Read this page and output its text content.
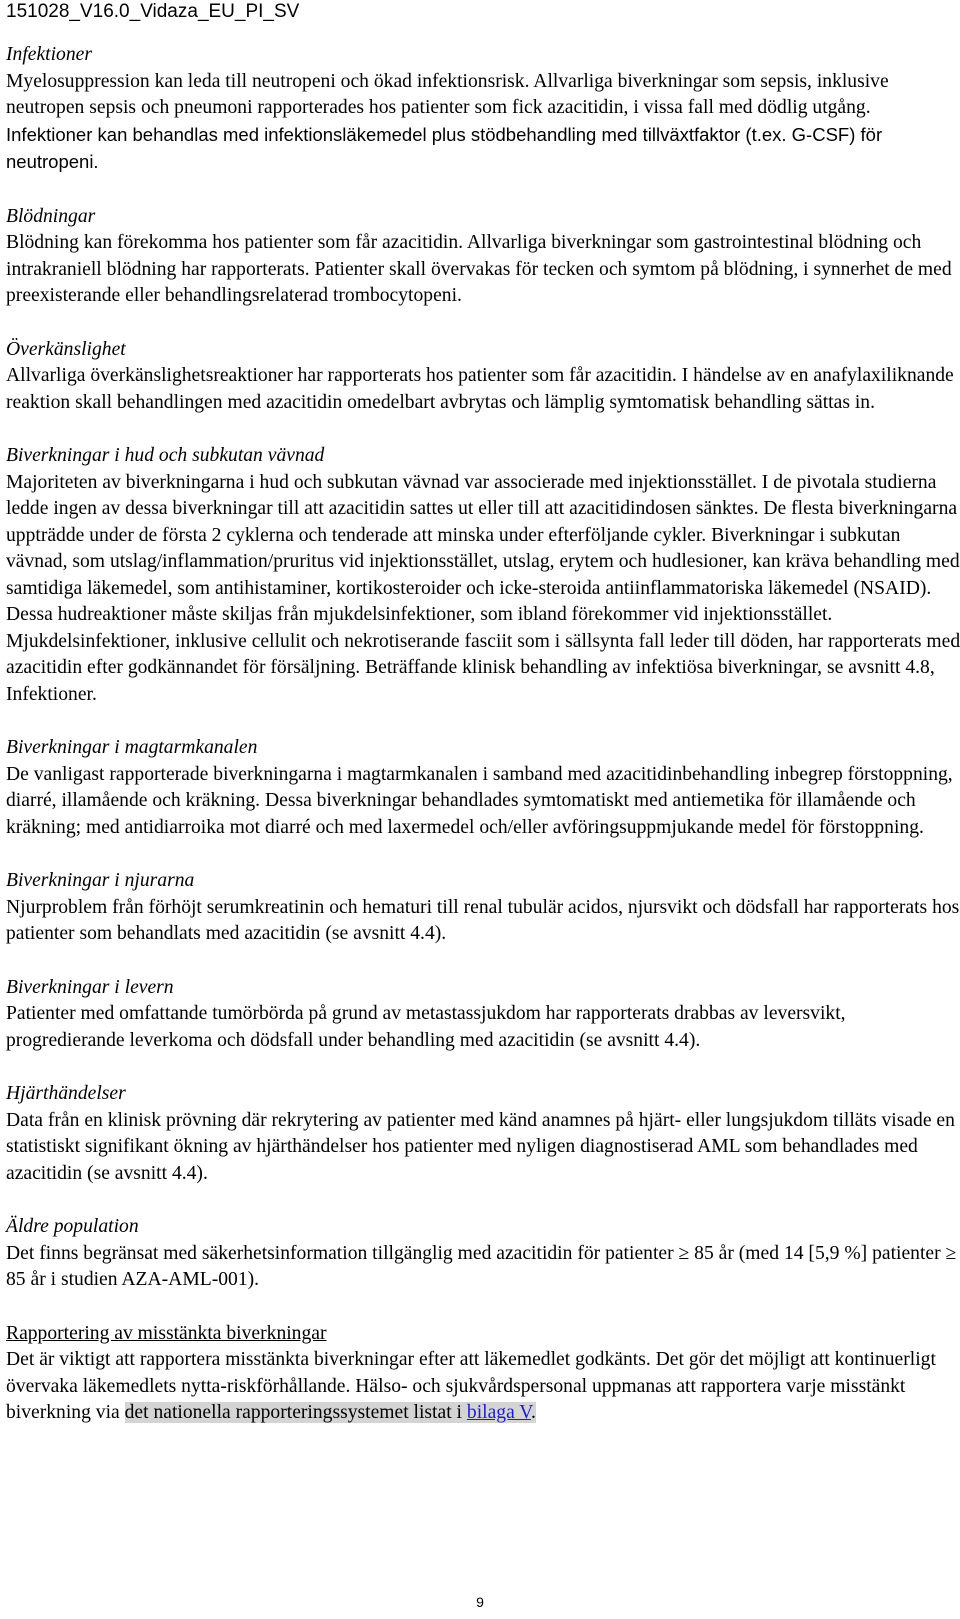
151028_V16.0_Vidaza_EU_PI_SV
Infektioner
Myelosuppression kan leda till neutropeni och ökad infektionsrisk. Allvarliga biverkningar som sepsis, inklusive neutropen sepsis och pneumoni rapporterades hos patienter som fick azacitidin, i vissa fall med dödlig utgång. Infektioner kan behandlas med infektionsläkemedel plus stödbehandling med tillväxtfaktor (t.ex. G-CSF) för neutropeni.
Blödningar
Blödning kan förekomma hos patienter som får azacitidin. Allvarliga biverkningar som gastrointestinal blödning och intrakraniell blödning har rapporterats. Patienter skall övervakas för tecken och symtom på blödning, i synnerhet de med preexisterande eller behandlingsrelaterad trombocytopeni.
Överkänslighet
Allvarliga överkänslighetsreaktioner har rapporterats hos patienter som får azacitidin. I händelse av en anafylaxiliknande reaktion skall behandlingen med azacitidin omedelbart avbrytas och lämplig symtomatisk behandling sättas in.
Biverkningar i hud och subkutan vävnad
Majoriteten av biverkningarna i hud och subkutan vävnad var associerade med injektionsstället. I de pivotala studierna ledde ingen av dessa biverkningar till att azacitidin sattes ut eller till att azacitidindosen sänktes. De flesta biverkningarna uppträdde under de första 2 cyklerna och tenderade att minska under efterföljande cykler. Biverkningar i subkutan vävnad, som utslag/inflammation/pruritus vid injektionsstället, utslag, erytem och hudlesioner, kan kräva behandling med samtidiga läkemedel, som antihistaminer, kortikosteroider och icke-steroida antiinflammatoriska läkemedel (NSAID). Dessa hudreaktioner måste skiljas från mjukdelsinfektioner, som ibland förekommer vid injektionsstället. Mjukdelsinfektioner, inklusive cellulit och nekrotiserande fasciit som i sällsynta fall leder till döden, har rapporterats med azacitidin efter godkännandet för försäljning. Beträffande klinisk behandling av infektiösa biverkningar, se avsnitt 4.8, Infektioner.
Biverkningar i magtarmkanalen
De vanligast rapporterade biverkningarna i magtarmkanalen i samband med azacitidinbehandling inbegrep förstoppning, diarré, illamående och kräkning. Dessa biverkningar behandlades symtomatiskt med antiemetika för illamående och kräkning; med antidiarroika mot diarré och med laxermedel och/eller avföringsuppmjukande medel för förstoppning.
Biverkningar i njurarna
Njurproblem från förhöjt serumkreatinin och hematuri till renal tubulär acidos, njursvikt och dödsfall har rapporterats hos patienter som behandlats med azacitidin (se avsnitt 4.4).
Biverkningar i levern
Patienter med omfattande tumörbörda på grund av metastassjukdom har rapporterats drabbas av leversvikt, progredierande leverkoma och dödsfall under behandling med azacitidin (se avsnitt 4.4).
Hjärthändelser
Data från en klinisk prövning där rekrytering av patienter med känd anamnes på hjärt- eller lungsjukdom tilläts visade en statistiskt signifikant ökning av hjärthändelser hos patienter med nyligen diagnostiserad AML som behandlades med azacitidin (se avsnitt 4.4).
Äldre population
Det finns begränsat med säkerhetsinformation tillgänglig med azacitidin för patienter ≥ 85 år (med 14 [5,9 %] patienter ≥ 85 år i studien AZA-AML-001).
Rapportering av misstänkta biverkningar
Det är viktigt att rapportera misstänkta biverkningar efter att läkemedlet godkänts. Det gör det möjligt att kontinuerligt övervaka läkemedlets nytta-riskförhållande. Hälso- och sjukvårdspersonal uppmanas att rapportera varje misstänkt biverkning via det nationella rapporteringssystemet listat i bilaga V.
9
